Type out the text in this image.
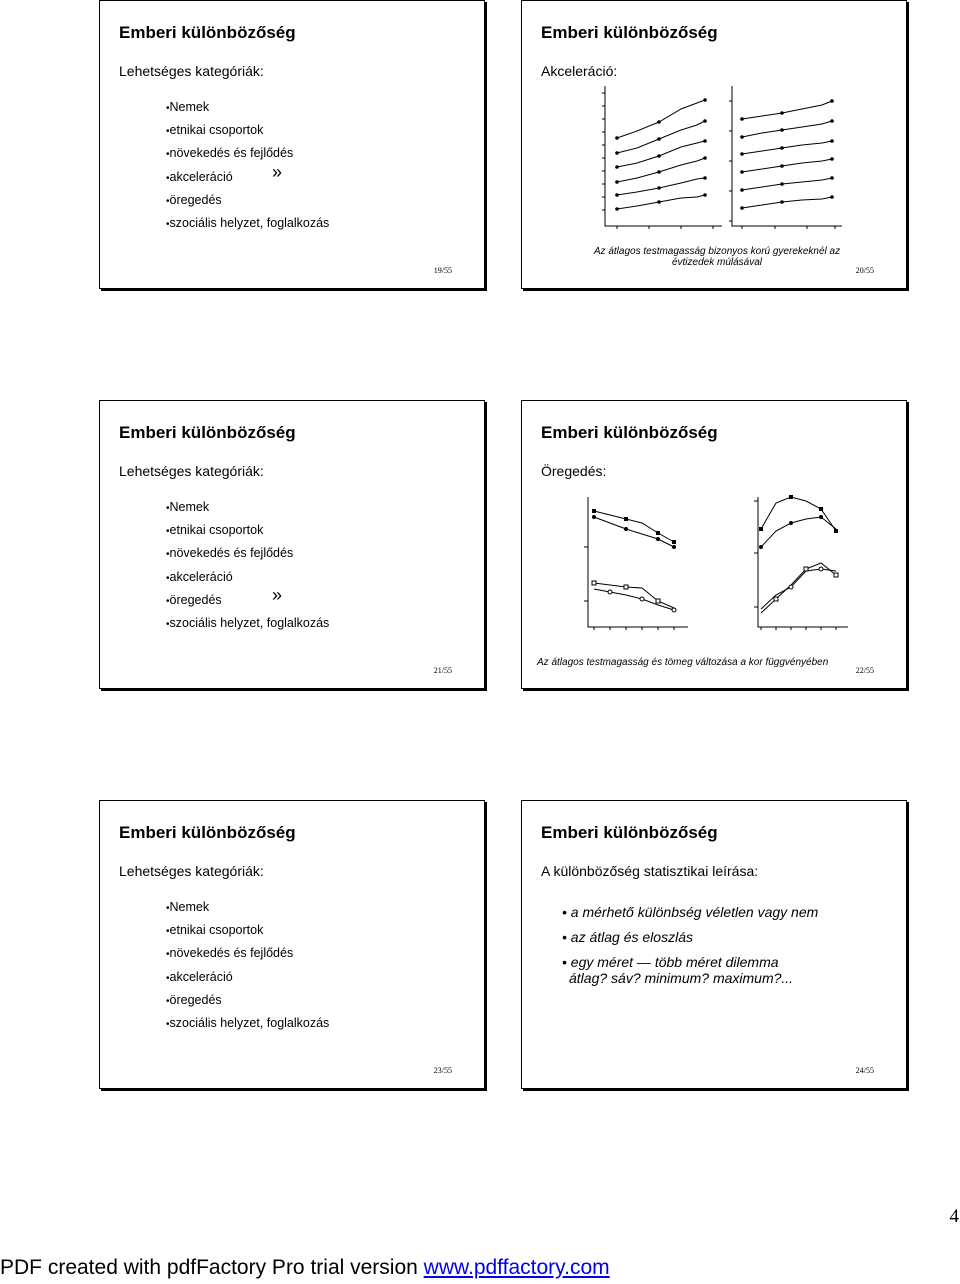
Emberi különbözőség
Lehetséges kategóriák:
•Nemek
•etnikai csoportok
•növekedés és fejlődés
•akceleráció »
•öregedés
•szociális helyzet, foglalkozás
19/55
Emberi különbözőség
Akceleráció:
Az átlagos testmagasság bizonyos korú gyerekeknél az
évtizedek múlásával
20/55
Emberi különbözőség
Lehetséges kategóriák:
•Nemek
•etnikai csoportok
•növekedés és fejlődés
•akceleráció
•öregedés	»
•szociális helyzet, foglalkozás
21/55
Emberi különbözőség
Öregedés:
Az átlagos testmagasság és tömeg változása a kor függvényében
22/55
Emberi különbözőség
Lehetséges kategóriák:
•Nemek
•etnikai csoportok
•növekedés és fejlődés
•akceleráció
•öregedés
•szociális helyzet, foglalkozás
23/55
Emberi különbözőség
A különbözőség statisztikai leírása:
• a mérhető különbség véletlen vagy nem
• az átlag és eloszlás
• egy méret — több méret dilemma
átlag? sáv? minimum? maximum?...
24/55
4
PDF created with pdfFactory Pro trial version www.pdffactory.com
